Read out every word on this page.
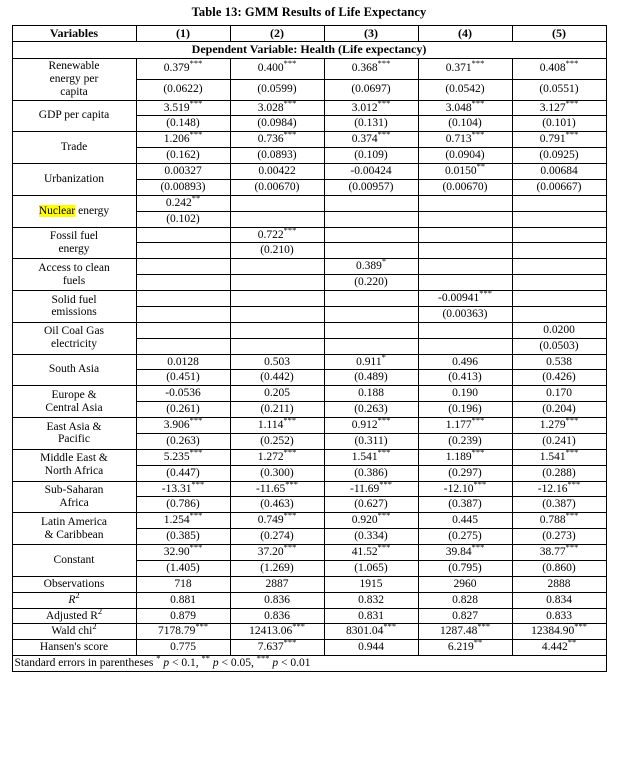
Table 13: GMM Results of Life Expectancy
Variables	(1)	(2)	(3)	(4)	(5)
Dependent Variable: Health (Life expectancy)					
Renewable
energy per
capita	0.379***	0.400***	0.368***	0.371***	0.408***
	(0.0622)	(0.0599)	(0.0697)	(0.0542)	(0.0551)
GDP per capita	3.519***	3.028***	3.012***	3.048***	3.127***
	(0.148)	(0.0984)	(0.131)	(0.104)	(0.101)
Trade	1.206***	0.736***	0.374***	0.713***	0.791***
	(0.162)	(0.0893)	(0.109)	(0.0904)	(0.0925)
Urbanization	0.00327	0.00422	-0.00424	0.0150**	0.00684
	(0.00893)	(0.00670)	(0.00957)	(0.00670)	(0.00667)
Nuclear energy	0.242**				
	(0.102)				
Fossil fuel
energy		0.722***			
		(0.210)			
Access to clean
fuels			0.389*		
			(0.220)		
Solid fuel
emissions				-0.00941***	
				(0.00363)	
Oil Coal Gas
electricity					0.0200
					(0.0503)
South Asia	0.0128	0.503	0.911*	0.496	0.538
	(0.451)	(0.442)	(0.489)	(0.413)	(0.426)
Europe &
Central Asia	-0.0536	0.205	0.188	0.190	0.170
	(0.261)	(0.211)	(0.263)	(0.196)	(0.204)
East Asia &
Pacific	3.906***	1.114***	0.912***	1.177***	1.279***
	(0.263)	(0.252)	(0.311)	(0.239)	(0.241)
Middle East &
North Africa	5.235***	1.272***	1.541***	1.189***	1.541***
	(0.447)	(0.300)	(0.386)	(0.297)	(0.288)
Sub-Saharan
Africa	-13.31***	-11.65***	-11.69***	-12.10***	-12.16***
	(0.786)	(0.463)	(0.627)	(0.387)	(0.387)
Latin America
& Caribbean	1.254***	0.749***	0.920***	0.445	0.788***
	(0.385)	(0.274)	(0.334)	(0.275)	(0.273)
Constant	32.90***	37.20***	41.52***	39.84***	38.77***
	(1.405)	(1.269)	(1.065)	(0.795)	(0.860)
Observations	718	2887	1915	2960	2888
$R^2$	0.881	0.836	0.832	0.828	0.834
Adjusted $R^2$	0.879	0.836	0.831	0.827	0.833
Wald chi$^2$	7178.79***	12413.06***	8301.04***	1287.48***	12384.90***
Hansen's score	0.775	7.637***	0.944	6.219**	4.442**
Standard errors in parentheses * p < 0.1, ** p < 0.05, *** p < 0.01					
